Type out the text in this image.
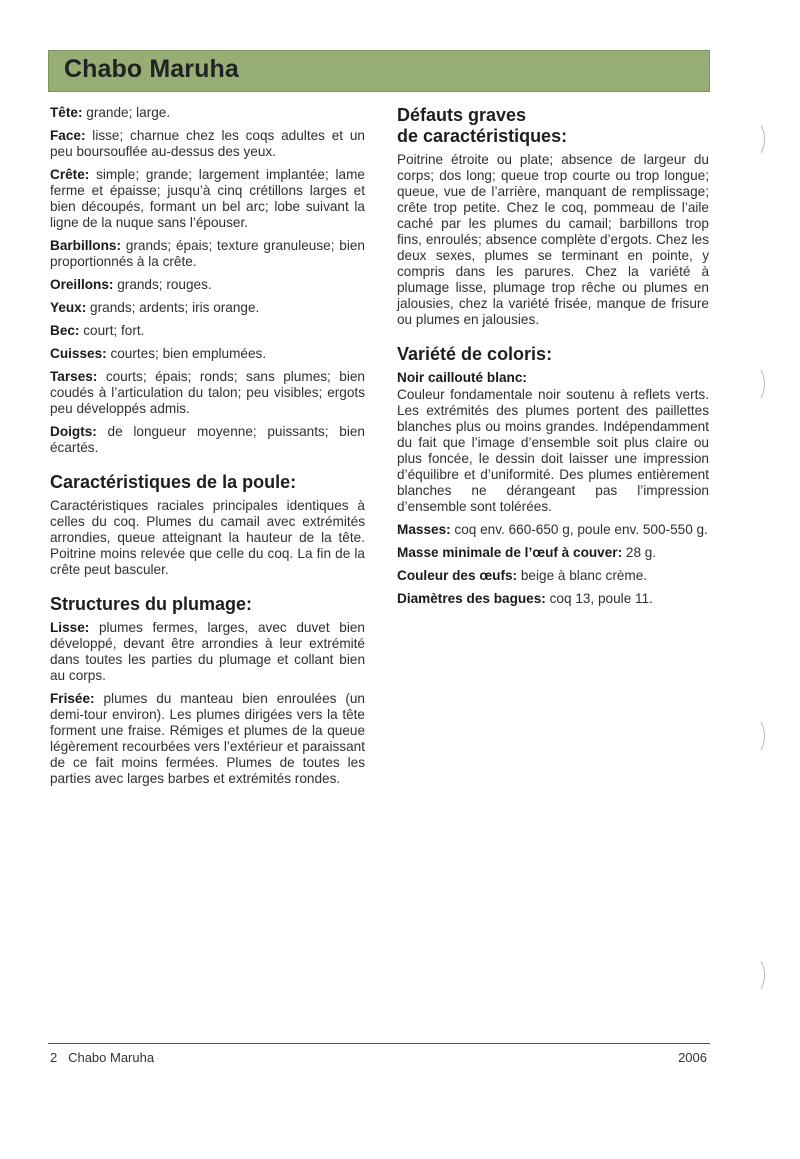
Chabo Maruha

Tête: grande; large.

Face: lisse; charnue chez les coqs adultes et un peu boursouflée au-dessus des yeux.

Crête: simple; grande; largement implantée; lame ferme et épaisse; jusqu’à cinq crétillons larges et bien découpés, formant un bel arc; lobe suivant la ligne de la nuque sans l’épouser.

Barbillons: grands; épais; texture granuleuse; bien proportionnés à la crête.

Oreillons: grands; rouges.

Yeux: grands; ardents; iris orange.

Bec: court; fort.

Cuisses: courtes; bien emplumées.

Tarses: courts; épais; ronds; sans plumes; bien coudés à l’articulation du talon; peu visibles; ergots peu développés admis.

Doigts: de longueur moyenne; puissants; bien écartés.

Caractéristiques de la poule:

Caractéristiques raciales principales identiques à celles du coq. Plumes du camail avec extrémités arrondies, queue atteignant la hauteur de la tête. Poitrine moins relevée que celle du coq. La fin de la crête peut basculer.

Structures du plumage:

Lisse: plumes fermes, larges, avec duvet bien développé, devant être arrondies à leur extrémité dans toutes les parties du plumage et collant bien au corps.

Frisée: plumes du manteau bien enroulées (un demi-tour environ). Les plumes dirigées vers la tête forment une fraise. Rémiges et plumes de la queue légèrement recourbées vers l’extérieur et paraissant de ce fait moins fermées. Plumes de toutes les parties avec larges barbes et extrémités rondes.

Défauts graves
de caractéristiques:

Poitrine étroite ou plate; absence de largeur du corps; dos long; queue trop courte ou trop longue; queue, vue de l’arrière, manquant de remplissage; crête trop petite. Chez le coq, pommeau de l’aile caché par les plumes du camail; barbillons trop fins, enroulés; absence complète d’ergots. Chez les deux sexes, plumes se terminant en pointe, y compris dans les parures. Chez la variété à plumage lisse, plumage trop rêche ou plumes en jalousies, chez la variété frisée, manque de frisure ou plumes en jalousies.

Variété de coloris:
Noir caillouté blanc:

Couleur fondamentale noir soutenu à reflets verts. Les extrémités des plumes portent des paillettes blanches plus ou moins grandes. Indépendamment du fait que l’image d’ensemble soit plus claire ou plus foncée, le dessin doit laisser une impression d’équilibre et d’uniformité. Des plumes entièrement blanches ne dérangeant pas l’impression d’ensemble sont tolérées.

Masses: coq env. 660-650 g, poule env. 500-550 g.

Masse minimale de l’œuf à couver: 28 g.

Couleur des œufs: beige à blanc crème.

Diamètres des bagues: coq 13, poule 11.

2 Chabo Maruha	2006
